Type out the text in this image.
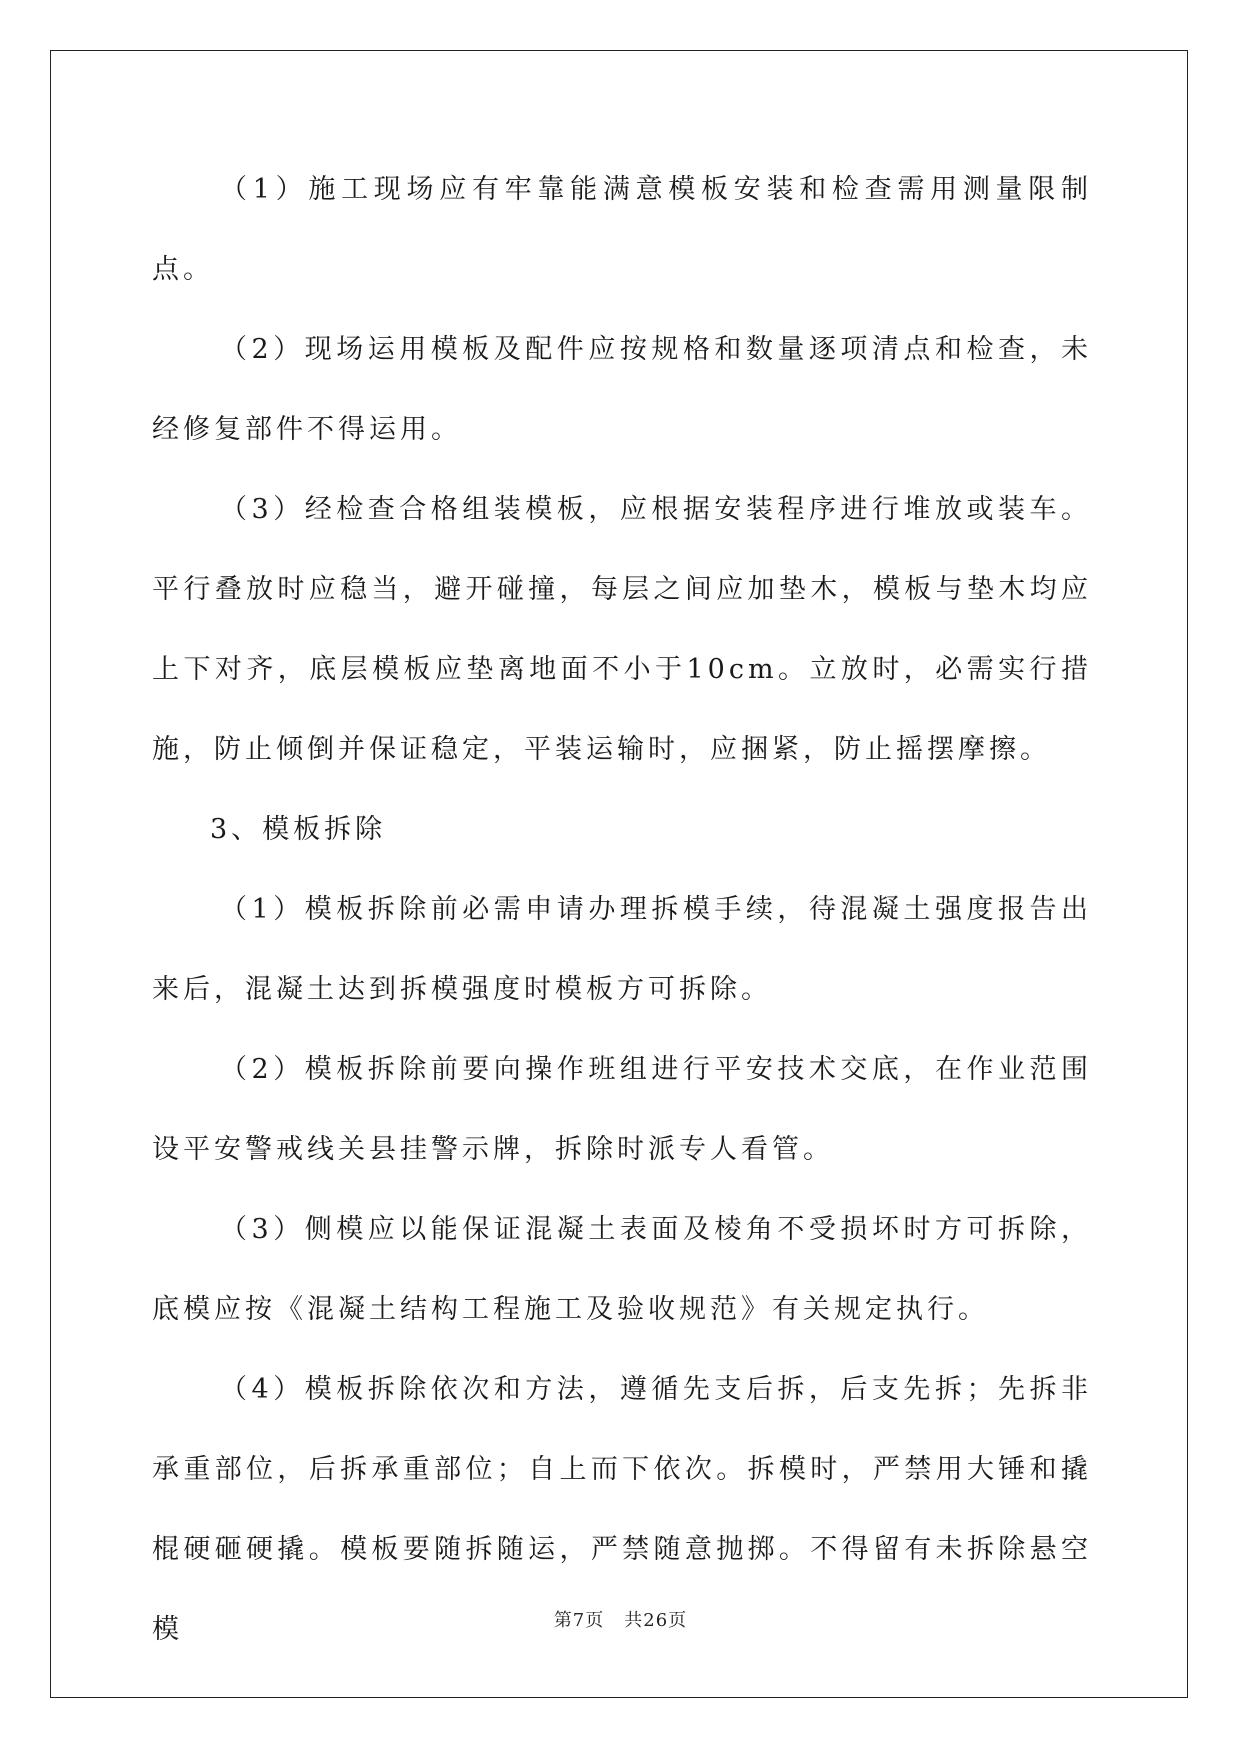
（1）施工现场应有牢靠能满意模板安装和检查需用测量限制点。

（2）现场运用模板及配件应按规格和数量逐项清点和检查，未经修复部件不得运用。

（3）经检查合格组装模板，应根据安装程序进行堆放或装车。平行叠放时应稳当，避开碰撞，每层之间应加垫木，模板与垫木均应上下对齐，底层模板应垫离地面不小于10cm。立放时，必需实行措施，防止倾倒并保证稳定，平装运输时，应捆紧，防止摇摆摩擦。

3、模板拆除

（1）模板拆除前必需申请办理拆模手续，待混凝土强度报告出来后，混凝土达到拆模强度时模板方可拆除。

（2）模板拆除前要向操作班组进行平安技术交底，在作业范围设平安警戒线关县挂警示牌，拆除时派专人看管。

（3）侧模应以能保证混凝土表面及棱角不受损坏时方可拆除，底模应按《混凝土结构工程施工及验收规范》有关规定执行。

（4）模板拆除依次和方法，遵循先支后拆，后支先拆；先拆非承重部位，后拆承重部位；自上而下依次。拆模时，严禁用大锤和撬棍硬砸硬撬。模板要随拆随运，严禁随意抛掷。不得留有未拆除悬空模	第7页 共26页
